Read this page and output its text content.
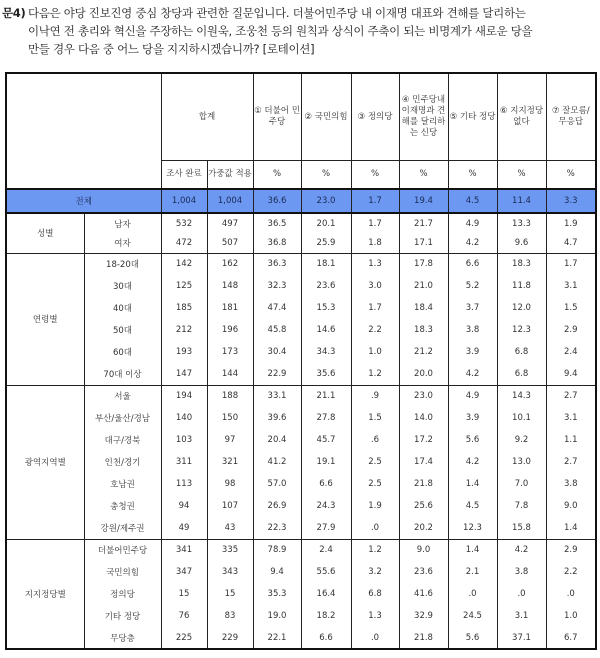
문4) 다음은 야당 진보진영 중심 창당과 관련한 질문입니다. 더불어민주당 내 이재명 대표와 견해를 달리하는
이낙연 전 총리와 혁신을 주장하는 이원욱, 조웅천 등의 원칙과 상식이 주축이 되는 비명계가 새로운 당을
만들 경우 다음 중 어느 당을 지지하시겠습니까? [로테이션]
		합계		① 더불어 민주당	② 국민의힘	③ 정의당	④ 민주당내 이재명과 견해를 달리하는 신당	⑤ 기타 정당	⑥ 지지정당 없다	⑦ 잘모름/ 무응답
		조사 완료	가중값 적용	%	%	%	%	%	%	%
전체		1,004	1,004	36.6	23.0	1.7	19.4	4.5	11.4	3.3
성별	남자	532	497	36.5	20.1	1.7	21.7	4.9	13.3	1.9
	여자	472	507	36.8	25.9	1.8	17.1	4.2	9.6	4.7
연령별	18-20대	142	162	36.3	18.1	1.3	17.8	6.6	18.3	1.7
	30대	125	148	32.3	23.6	3.0	21.0	5.2	11.8	3.1
	40대	185	181	47.4	15.3	1.7	18.4	3.7	12.0	1.5
	50대	212	196	45.8	14.6	2.2	18.3	3.8	12.3	2.9
	60대	193	173	30.4	34.3	1.0	21.2	3.9	6.8	2.4
	70대 이상	147	144	22.9	35.6	1.2	20.0	4.2	6.8	9.4
광역지역별	서울	194	188	33.1	21.1	.9	23.0	4.9	14.3	2.7
	부산/울산/경남	140	150	39.6	27.8	1.5	14.0	3.9	10.1	3.1
	대구/경북	103	97	20.4	45.7	.6	17.2	5.6	9.2	1.1
	인천/경기	311	321	41.2	19.1	2.5	17.4	4.2	13.0	2.7
	호남권	113	98	57.0	6.6	2.5	21.8	1.4	7.0	3.8
	충청권	94	107	26.9	24.3	1.9	25.6	4.5	7.8	9.0
	강원/제주권	49	43	22.3	27.9	.0	20.2	12.3	15.8	1.4
지지정당별	더불어민주당	341	335	78.9	2.4	1.2	9.0	1.4	4.2	2.9
	국민의힘	347	343	9.4	55.6	3.2	23.6	2.1	3.8	2.2
	정의당	15	15	35.3	16.4	6.8	41.6	.0	.0	.0
	기타 정당	76	83	19.0	18.2	1.3	32.9	24.5	3.1	1.0
	무당층	225	229	22.1	6.6	.0	21.8	5.6	37.1	6.7
